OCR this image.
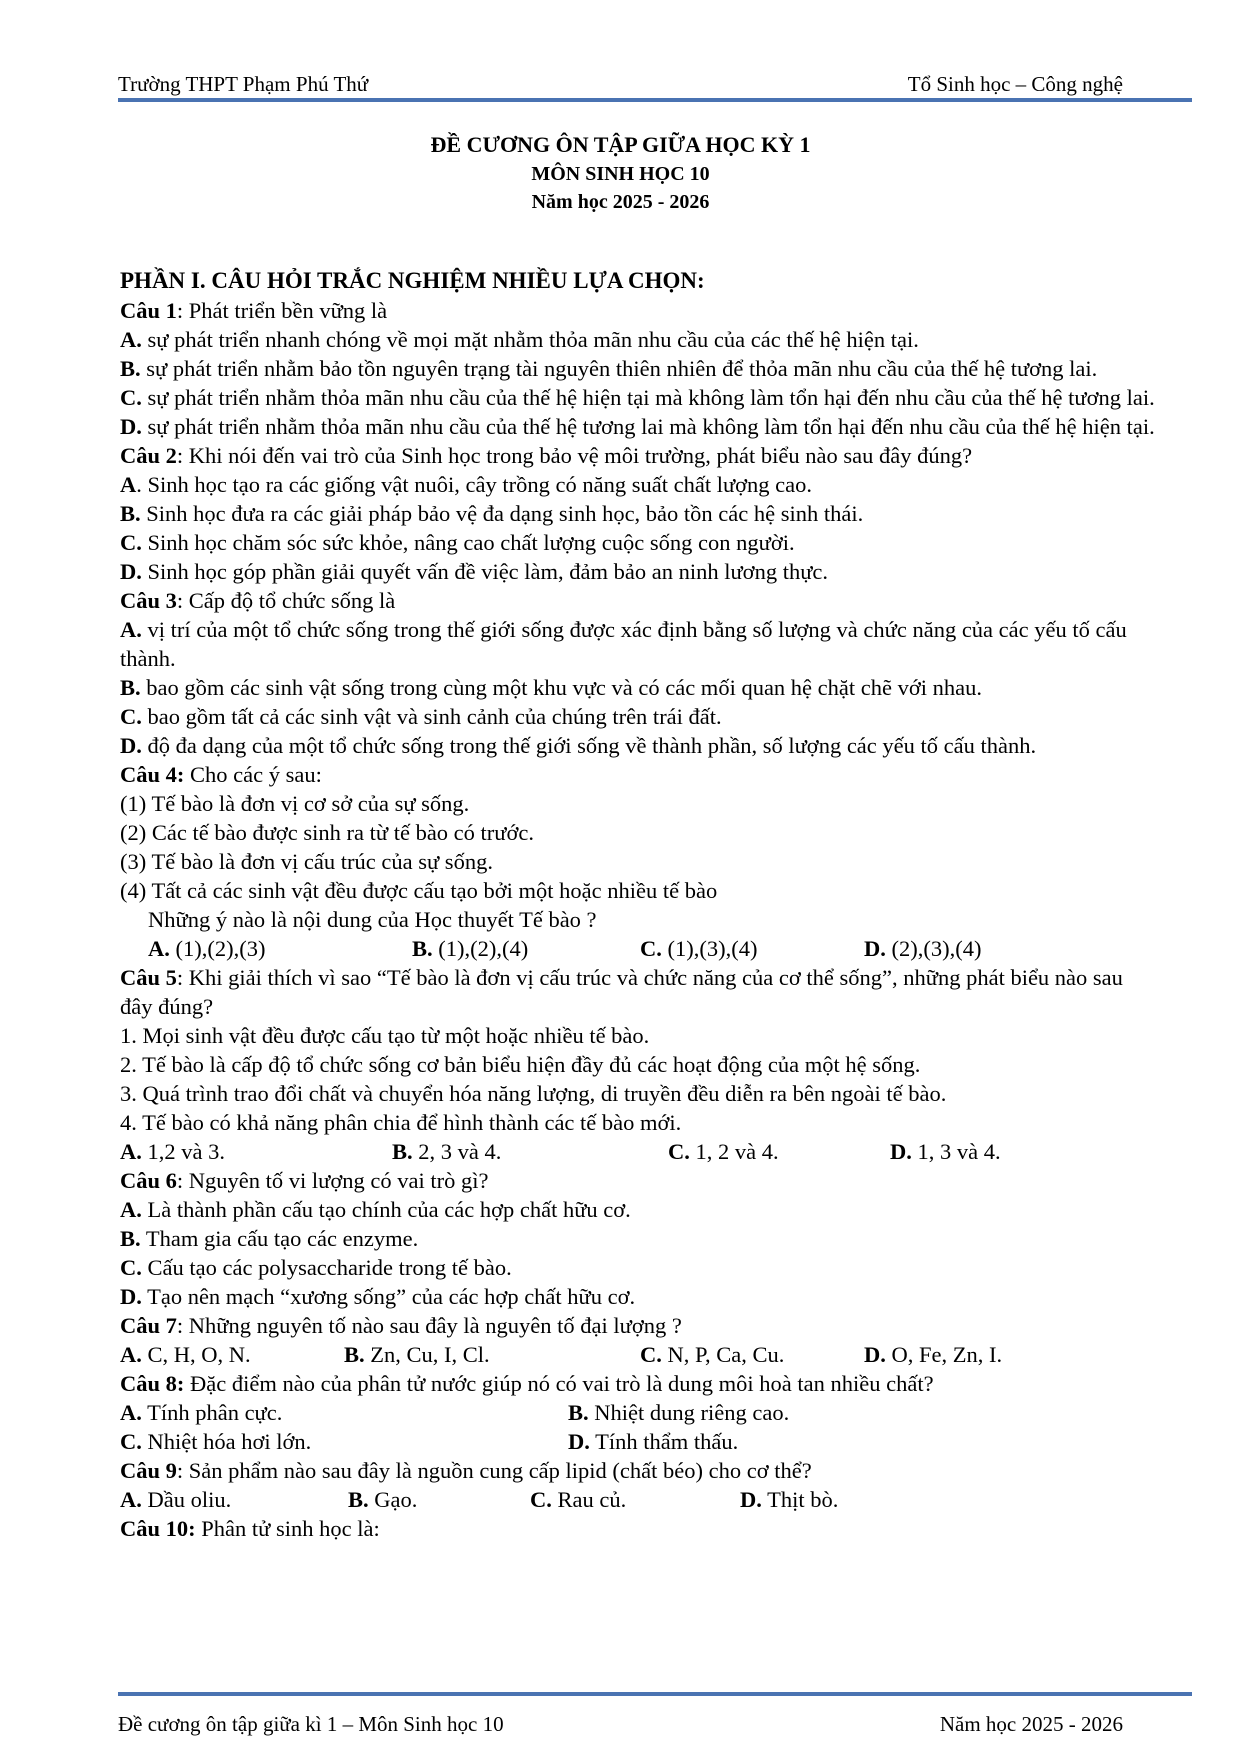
Trường THPT Phạm Phú Thứ	Tổ Sinh học – Công nghệ
ĐỀ CƯƠNG ÔN TẬP GIỮA HỌC KỲ 1
MÔN SINH HỌC 10
Năm học 2025 - 2026
PHẦN I. CÂU HỎI TRẮC NGHIỆM NHIỀU LỰA CHỌN:
Câu 1: Phát triển bền vững là
A. sự phát triển nhanh chóng về mọi mặt nhằm thỏa mãn nhu cầu của các thế hệ hiện tại.
B. sự phát triển nhằm bảo tồn nguyên trạng tài nguyên thiên nhiên để thỏa mãn nhu cầu của thế hệ tương lai.
C. sự phát triển nhằm thỏa mãn nhu cầu của thế hệ hiện tại mà không làm tổn hại đến nhu cầu của thế hệ tương lai.
D. sự phát triển nhằm thỏa mãn nhu cầu của thế hệ tương lai mà không làm tổn hại đến nhu cầu của thế hệ hiện tại.
Câu 2: Khi nói đến vai trò của Sinh học trong bảo vệ môi trường, phát biểu nào sau đây đúng?
A. Sinh học tạo ra các giống vật nuôi, cây trồng có năng suất chất lượng cao.
B. Sinh học đưa ra các giải pháp bảo vệ đa dạng sinh học, bảo tồn các hệ sinh thái.
C. Sinh học chăm sóc sức khỏe, nâng cao chất lượng cuộc sống con người.
D. Sinh học góp phần giải quyết vấn đề việc làm, đảm bảo an ninh lương thực.
Câu 3: Cấp độ tổ chức sống là
A. vị trí của một tổ chức sống trong thế giới sống được xác định bằng số lượng và chức năng của các yếu tố cấu thành.
B. bao gồm các sinh vật sống trong cùng một khu vực và có các mối quan hệ chặt chẽ với nhau.
C. bao gồm tất cả các sinh vật và sinh cảnh của chúng trên trái đất.
D. độ đa dạng của một tổ chức sống trong thế giới sống về thành phần, số lượng các yếu tố cấu thành.
Câu 4: Cho các ý sau:
(1) Tế bào là đơn vị cơ sở của sự sống.
(2) Các tế bào được sinh ra từ tế bào có trước.
(3) Tế bào là đơn vị cấu trúc của sự sống.
(4) Tất cả các sinh vật đều được cấu tạo bởi một hoặc nhiều tế bào
Những ý nào là nội dung của Học thuyết Tế bào ?
A. (1),(2),(3)	B. (1),(2),(4)	C. (1),(3),(4)	D. (2),(3),(4)
Câu 5: Khi giải thích vì sao “Tế bào là đơn vị cấu trúc và chức năng của cơ thể sống”, những phát biểu nào sau đây đúng?
1. Mọi sinh vật đều được cấu tạo từ một hoặc nhiều tế bào.
2. Tế bào là cấp độ tổ chức sống cơ bản biểu hiện đầy đủ các hoạt động của một hệ sống.
3. Quá trình trao đổi chất và chuyển hóa năng lượng, di truyền đều diễn ra bên ngoài tế bào.
4. Tế bào có khả năng phân chia để hình thành các tế bào mới.
A. 1,2 và 3.	B. 2, 3 và 4.	C. 1, 2 và 4.	D. 1, 3 và 4.
Câu 6: Nguyên tố vi lượng có vai trò gì?
A. Là thành phần cấu tạo chính của các hợp chất hữu cơ.
B. Tham gia cấu tạo các enzyme.
C. Cấu tạo các polysaccharide trong tế bào.
D. Tạo nên mạch “xương sống” của các hợp chất hữu cơ.
Câu 7: Những nguyên tố nào sau đây là nguyên tố đại lượng ?
A. C, H, O, N.	B. Zn, Cu, I, Cl.	C. N, P, Ca, Cu.	D. O, Fe, Zn, I.
Câu 8: Đặc điểm nào của phân tử nước giúp nó có vai trò là dung môi hoà tan nhiều chất?
A. Tính phân cực.	B. Nhiệt dung riêng cao.
C. Nhiệt hóa hơi lớn.	D. Tính thẩm thấu.
Câu 9: Sản phẩm nào sau đây là nguồn cung cấp lipid (chất béo) cho cơ thể?
A. Dầu oliu.	B. Gạo.	C. Rau củ.	D. Thịt bò.
Câu 10: Phân tử sinh học là:
Đề cương ôn tập giữa kì 1 – Môn Sinh học 10	Năm học 2025 - 2026
